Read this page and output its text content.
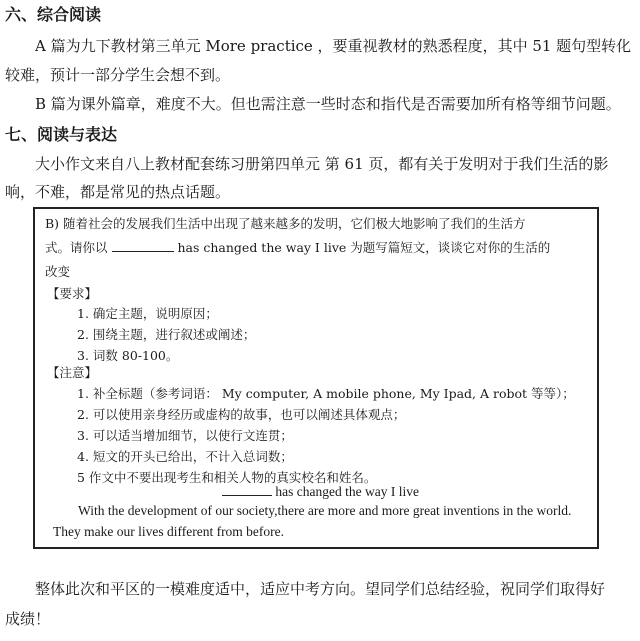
六、综合阅读
A 篇为九下教材第三单元 More practice ，要重视教材的熟悉程度，其中 51 题句型转化
较难，预计一部分学生会想不到。
B 篇为课外篇章，难度不大。但也需注意一些时态和指代是否需要加所有格等细节问题。
七、阅读与表达
大小作文来自八上教材配套练习册第四单元 第 61 页，都有关于发明对于我们生活的影
响，不难，都是常见的热点话题。
B) 随着社会的发展我们生活中出现了越来越多的发明，它们极大地影响了我们的生活方
式。请你以	has changed the way I live 为题写篇短文，谈谈它对你的生活的
改变
【要求】
1. 确定主题，说明原因；
2. 围绕主题，进行叙述或阐述；
3. 词数 80-100。
【注意】
1. 补全标题（参考词语： My computer, A mobile phone, My Ipad, A robot 等等）；
2. 可以使用亲身经历或虚构的故事，也可以阐述具体观点；
3. 可以适当增加细节，以使行文连贯；
4. 短文的开头已给出，不计入总词数；
5 作文中不要出现考生和相关人物的真实校名和姓名。
has changed the way I live
With the development of our society,there are more and more great inventions in the world.
They make our lives different from before.
整体此次和平区的一模难度适中，适应中考方向。望同学们总结经验，祝同学们取得好
成绩！
